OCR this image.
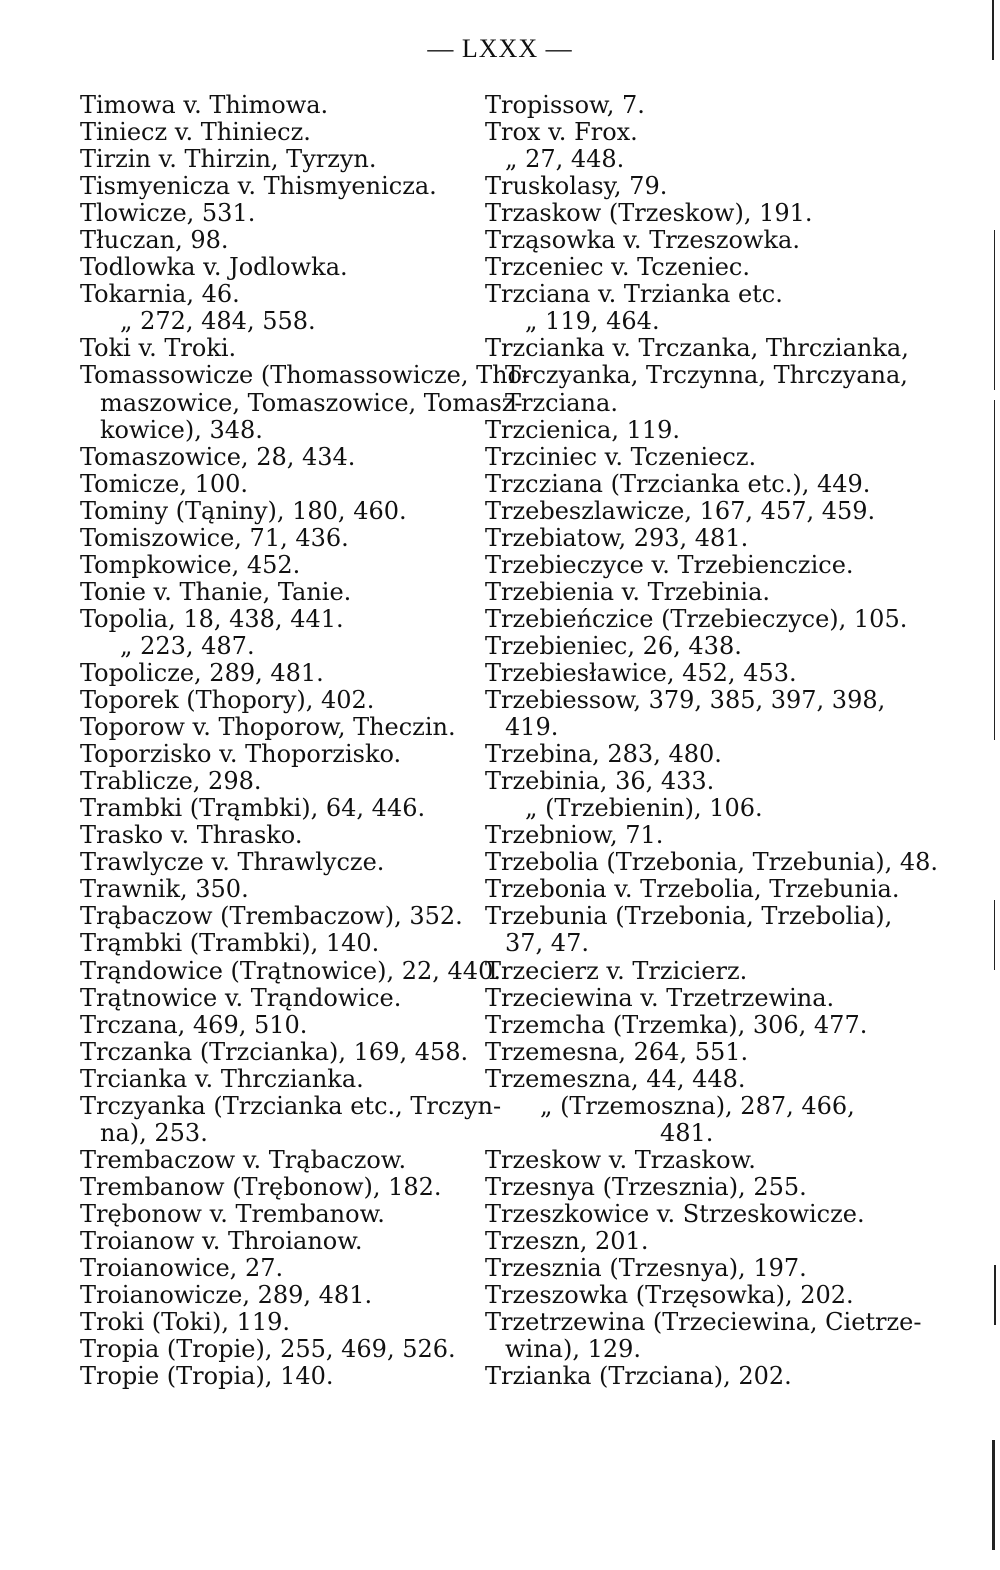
— LXXX —
Timowa v. Thimowa.
Tiniecz v. Thiniecz.
Tirzin v. Thirzin, Tyrzyn.
Tismyenicza v. Thismyenicza.
Tlowicze, 531.
Tłuczan, 98.
Todlowka v. Jodlowka.
Tokarnia, 46.
„ 272, 484, 558.
Toki v. Troki.
Tomassowicze (Thomassowicze, Tho-
maszowice, Tomaszowice, Tomasz-
kowice), 348.
Tomaszowice, 28, 434.
Tomicze, 100.
Tominy (Tąniny), 180, 460.
Tomiszowice, 71, 436.
Tompkowice, 452.
Tonie v. Thanie, Tanie.
Topolia, 18, 438, 441.
„ 223, 487.
Topolicze, 289, 481.
Toporek (Thopory), 402.
Toporow v. Thoporow, Theczin.
Toporzisko v. Thoporzisko.
Trablicze, 298.
Trambki (Trąmbki), 64, 446.
Trasko v. Thrasko.
Trawlycze v. Thrawlycze.
Trawnik, 350.
Trąbaczow (Trembaczow), 352.
Trąmbki (Trambki), 140.
Trąndowice (Trątnowice), 22, 440.
Trątnowice v. Trąndowice.
Trczana, 469, 510.
Trczanka (Trzcianka), 169, 458.
Trcianka v. Thrczianka.
Trczyanka (Trzcianka etc., Trczyn-
na), 253.
Trembaczow v. Trąbaczow.
Trembanow (Trębonow), 182.
Trębonow v. Trembanow.
Troianow v. Throianow.
Troianowice, 27.
Troianowicze, 289, 481.
Troki (Toki), 119.
Tropia (Tropie), 255, 469, 526.
Tropie (Tropia), 140.
Tropissow, 7.
Trox v. Frox.
„ 27, 448.
Truskolasy, 79.
Trzaskow (Trzeskow), 191.
Trząsowka v. Trzeszowka.
Trzceniec v. Tczeniec.
Trzciana v. Trzianka etc.
„ 119, 464.
Trzcianka v. Trczanka, Thrczianka,
Trczyanka, Trczynna, Thrczyana,
Trzciana.
Trzcienica, 119.
Trzciniec v. Tczeniecz.
Trzcziana (Trzcianka etc.), 449.
Trzebeszlawicze, 167, 457, 459.
Trzebiatow, 293, 481.
Trzebieczyce v. Trzebienczice.
Trzebienia v. Trzebinia.
Trzebieńczice (Trzebieczyce), 105.
Trzebieniec, 26, 438.
Trzebiesławice, 452, 453.
Trzebiessow, 379, 385, 397, 398,
419.
Trzebina, 283, 480.
Trzebinia, 36, 433.
„ (Trzebienin), 106.
Trzebniow, 71.
Trzebolia (Trzebonia, Trzebunia), 48.
Trzebonia v. Trzebolia, Trzebunia.
Trzebunia (Trzebonia, Trzebolia),
37, 47.
Trzecierz v. Trzicierz.
Trzeciewina v. Trzetrzewina.
Trzemcha (Trzemka), 306, 477.
Trzemesna, 264, 551.
Trzemeszna, 44, 448.
„ (Trzemoszna), 287, 466,
481.
Trzeskow v. Trzaskow.
Trzesnya (Trzesznia), 255.
Trzeszkowice v. Strzeskowicze.
Trzeszn, 201.
Trzesznia (Trzesnya), 197.
Trzeszowka (Trzęsowka), 202.
Trzetrzewina (Trzeciewina, Cietrze-
wina), 129.
Trzianka (Trzciana), 202.
